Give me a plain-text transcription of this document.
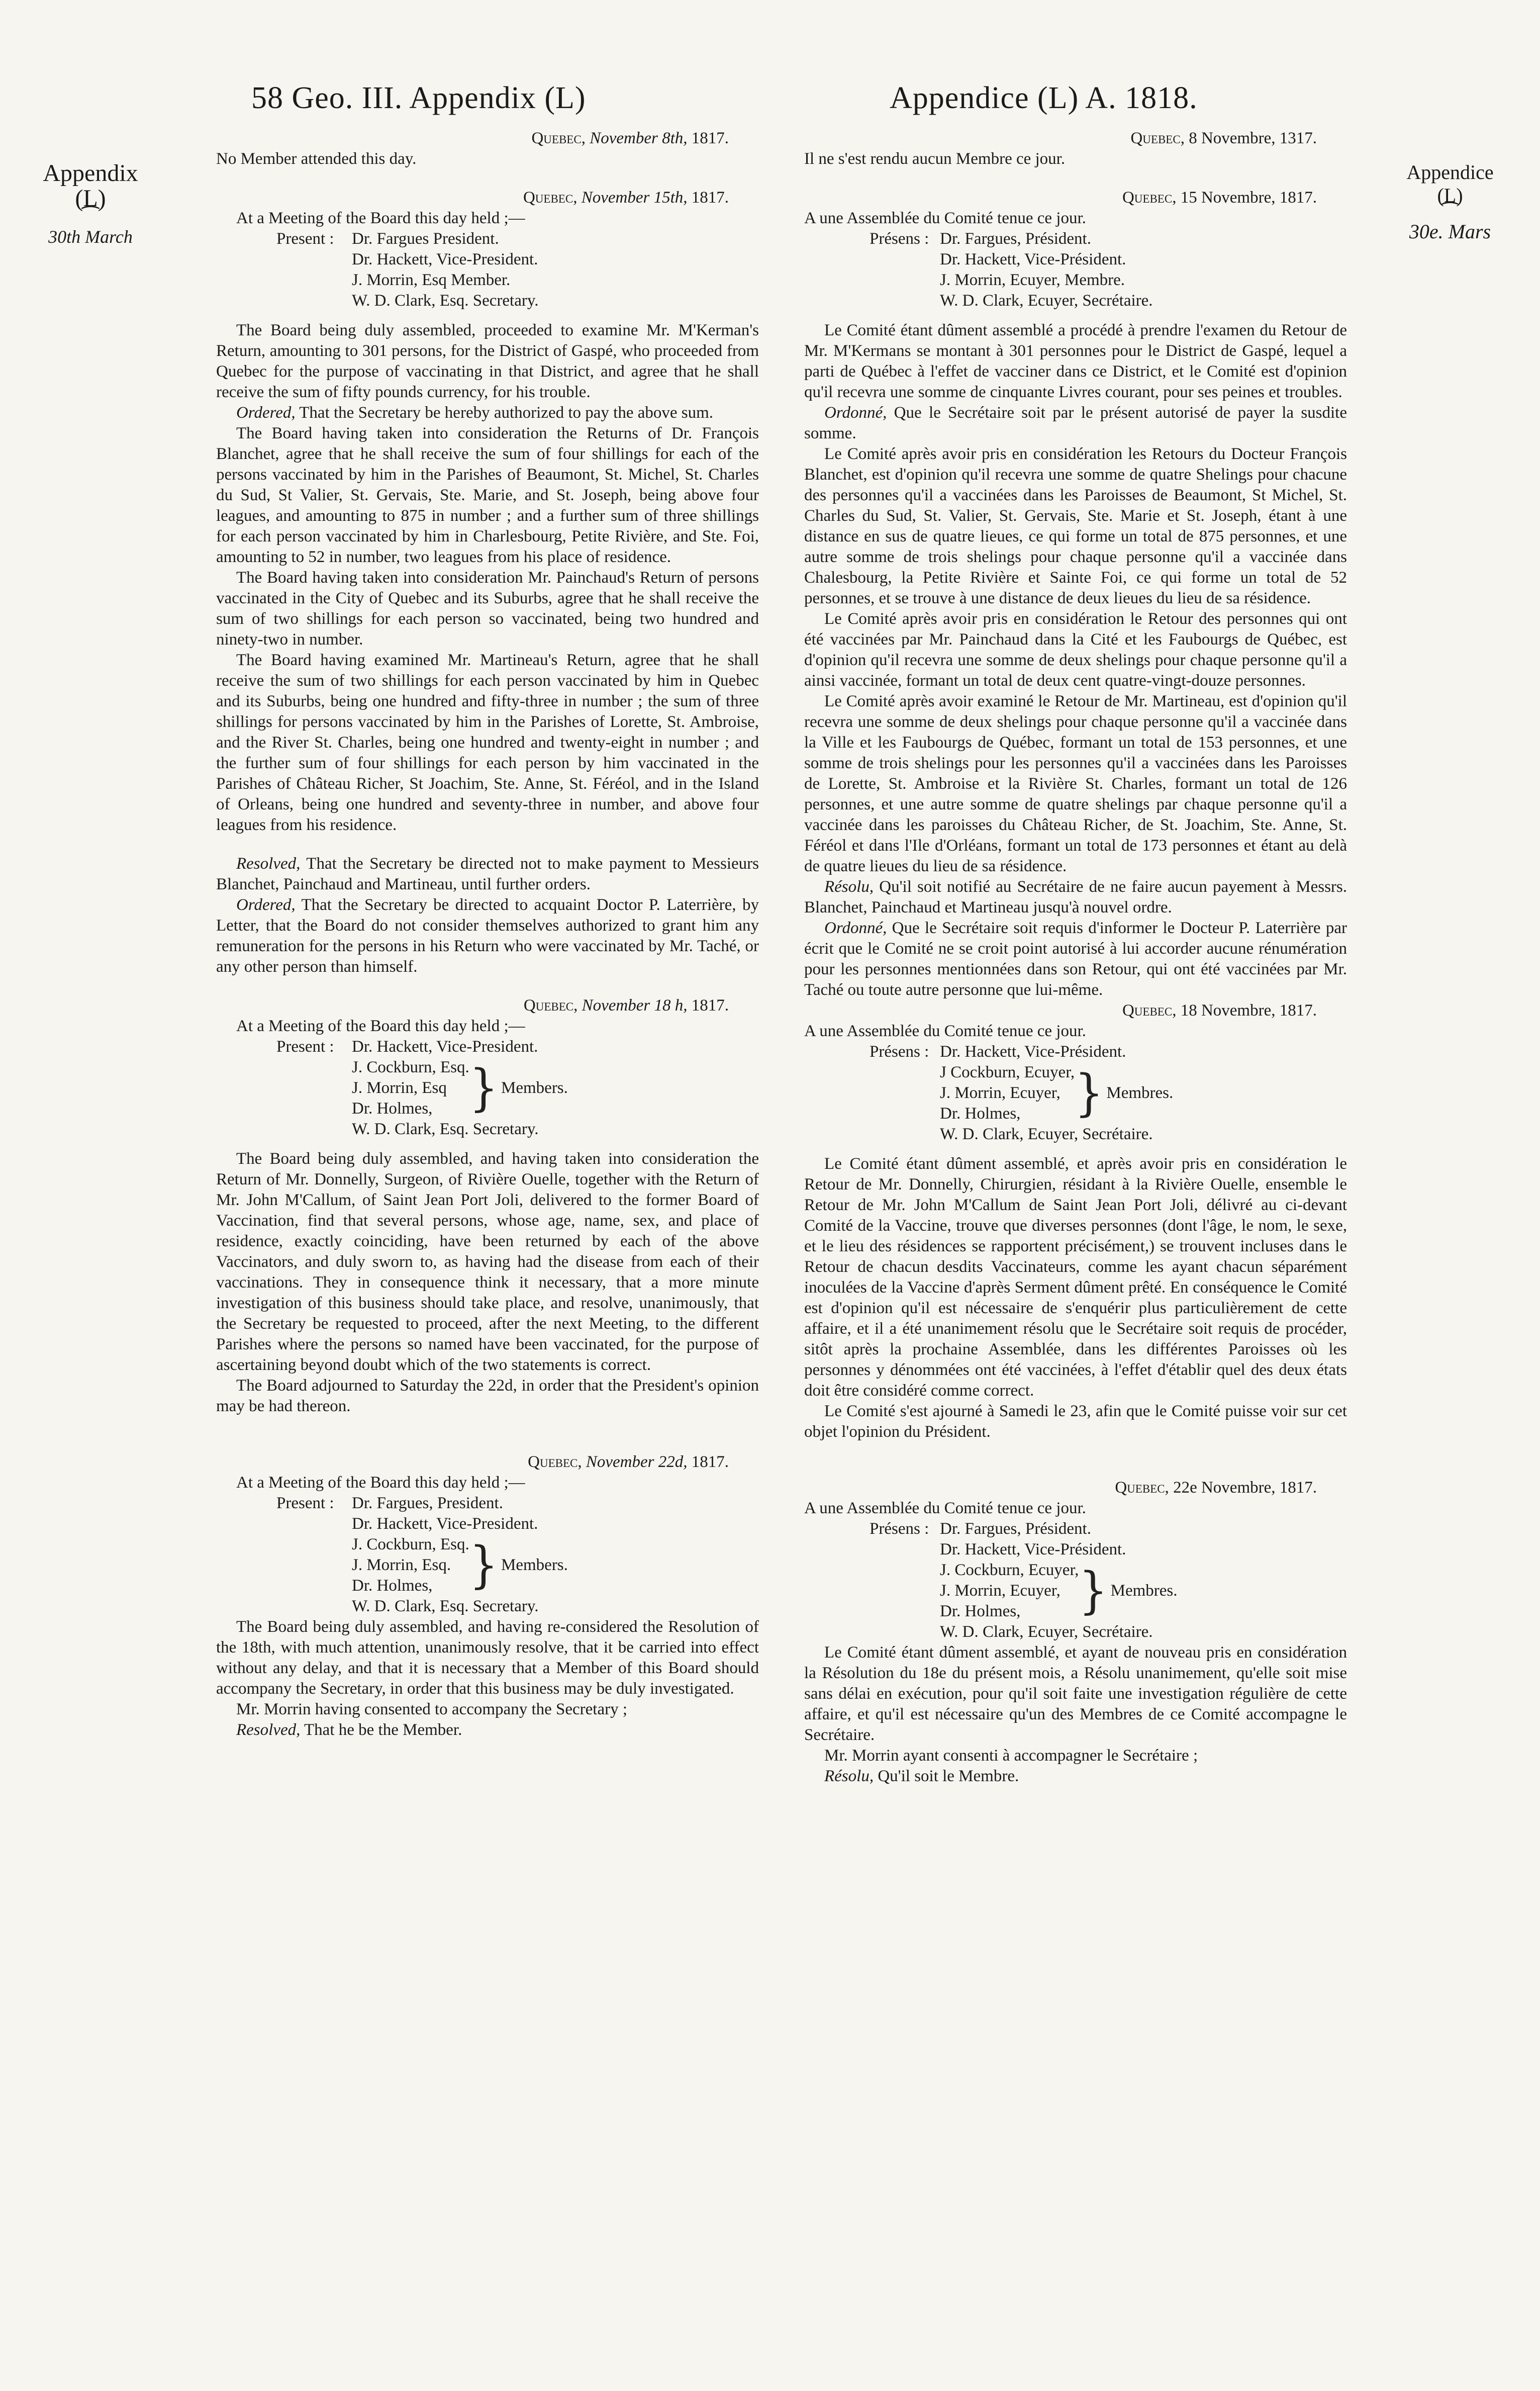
58 Geo. III. Appendix (L)	Appendice (L) A. 1818.
Appendix
(L)
⁀
30th March
Appendice
(L)
⁀
30e. Mars

Quebec, November 8th, 1817.

No Member attended this day.

Quebec, November 15th, 1817.

At a Meeting of the Board this day held ;—

Present : Dr. Fargues President.
Dr. Hackett, Vice-President.
J. Morrin, Esq Member.
W. D. Clark, Esq. Secretary.

The Board being duly assembled, proceeded to examine Mr. M'Kerman's Return, amounting to 301 persons, for the District of Gaspé, who proceeded from Quebec for the purpose of vaccinating in that District, and agree that he shall receive the sum of fifty pounds currency, for his trouble.

Ordered, That the Secretary be hereby authorized to pay the above sum.

The Board having taken into consideration the Returns of Dr. François Blanchet, agree that he shall receive the sum of four shillings for each of the persons vaccinated by him in the Parishes of Beaumont, St. Michel, St. Charles du Sud, St Valier, St. Gervais, Ste. Marie, and St. Joseph, being above four leagues, and amounting to 875 in number ; and a further sum of three shillings for each person vaccinated by him in Charlesbourg, Petite Rivière, and Ste. Foi, amounting to 52 in number, two leagues from his place of residence.

The Board having taken into consideration Mr. Painchaud's Return of persons vaccinated in the City of Quebec and its Suburbs, agree that he shall receive the sum of two shillings for each person so vaccinated, being two hundred and ninety-two in number.

The Board having examined Mr. Martineau's Return, agree that he shall receive the sum of two shillings for each person vaccinated by him in Quebec and its Suburbs, being one hundred and fifty-three in number ; the sum of three shillings for persons vaccinated by him in the Parishes of Lorette, St. Ambroise, and the River St. Charles, being one hundred and twenty-eight in number ; and the further sum of four shillings for each person by him vaccinated in the Parishes of Château Richer, St Joachim, Ste. Anne, St. Féréol, and in the Island of Orleans, being one hundred and seventy-three in number, and above four leagues from his residence.

Resolved, That the Secretary be directed not to make payment to Messieurs Blanchet, Painchaud and Martineau, until further orders.

Ordered, That the Secretary be directed to acquaint Doctor P. Laterrière, by Letter, that the Board do not consider themselves authorized to grant him any remuneration for the persons in his Return who were vaccinated by Mr. Taché, or any other person than himself.

Quebec, November 18 h, 1817.

At a Meeting of the Board this day held ;—

Present : Dr. Hackett, Vice-President.
J. Cockburn, Esq.
J. Morrin, Esq
Dr. Holmes, } Members.
W. D. Clark, Esq. Secretary.

The Board being duly assembled, and having taken into consideration the Return of Mr. Donnelly, Surgeon, of Rivière Ouelle, together with the Return of Mr. John M'Callum, of Saint Jean Port Joli, delivered to the former Board of Vaccination, find that several persons, whose age, name, sex, and place of residence, exactly coinciding, have been returned by each of the above Vaccinators, and duly sworn to, as having had the disease from each of their vaccinations. They in consequence think it necessary, that a more minute investigation of this business should take place, and resolve, unanimously, that the Secretary be requested to proceed, after the next Meeting, to the different Parishes where the persons so named have been vaccinated, for the purpose of ascertaining beyond doubt which of the two statements is correct.

The Board adjourned to Saturday the 22d, in order that the President's opinion may be had thereon.

Quebec, November 22d, 1817.

At a Meeting of the Board this day held ;—

Present : Dr. Fargues, President.
Dr. Hackett, Vice-President.
J. Cockburn, Esq.
J. Morrin, Esq.
Dr. Holmes, } Members.
W. D. Clark, Esq. Secretary.

The Board being duly assembled, and having re-considered the Resolution of the 18th, with much attention, unanimously resolve, that it be carried into effect without any delay, and that it is necessary that a Member of this Board should accompany the Secretary, in order that this business may be duly investigated.

Mr. Morrin having consented to accompany the Secretary ;

Resolved, That he be the Member.

Quebec, 8 Novembre, 1317.

Il ne s'est rendu aucun Membre ce jour.

Quebec, 15 Novembre, 1817.

A une Assemblée du Comité tenue ce jour.

Présens : Dr. Fargues, Président.
Dr. Hackett, Vice-Président.
J. Morrin, Ecuyer, Membre.
W. D. Clark, Ecuyer, Secrétaire.

Le Comité étant dûment assemblé a procédé à prendre l'examen du Retour de Mr. M'Kermans se montant à 301 personnes pour le District de Gaspé, lequel a parti de Québec à l'effet de vacciner dans ce District, et le Comité est d'opinion qu'il recevra une somme de cinquante Livres courant, pour ses peines et troubles.

Ordonné, Que le Secrétaire soit par le présent autorisé de payer la susdite somme.

Le Comité après avoir pris en considération les Retours du Docteur François Blanchet, est d'opinion qu'il recevra une somme de quatre Shelings pour chacune des personnes qu'il a vaccinées dans les Paroisses de Beaumont, St Michel, St. Charles du Sud, St. Valier, St. Gervais, Ste. Marie et St. Joseph, étant à une distance en sus de quatre lieues, ce qui forme un total de 875 personnes, et une autre somme de trois shelings pour chaque personne qu'il a vaccinée dans Chalesbourg, la Petite Rivière et Sainte Foi, ce qui forme un total de 52 personnes, et se trouve à une distance de deux lieues du lieu de sa résidence.

Le Comité après avoir pris en considération le Retour des personnes qui ont été vaccinées par Mr. Painchaud dans la Cité et les Faubourgs de Québec, est d'opinion qu'il recevra une somme de deux shelings pour chaque personne qu'il a ainsi vaccinée, formant un total de deux cent quatre-vingt-douze personnes.

Le Comité après avoir examiné le Retour de Mr. Martineau, est d'opinion qu'il recevra une somme de deux shelings pour chaque personne qu'il a vaccinée dans la Ville et les Faubourgs de Québec, formant un total de 153 personnes, et une somme de trois shelings pour les personnes qu'il a vaccinées dans les Paroisses de Lorette, St. Ambroise et la Rivière St. Charles, formant un total de 126 personnes, et une autre somme de quatre shelings par chaque personne qu'il a vaccinée dans les paroisses du Château Richer, de St. Joachim, Ste. Anne, St. Féréol et dans l'Ile d'Orléans, formant un total de 173 personnes et étant au delà de quatre lieues du lieu de sa résidence.

Résolu, Qu'il soit notifié au Secrétaire de ne faire aucun payement à Messrs. Blanchet, Painchaud et Martineau jusqu'à nouvel ordre.

Ordonné, Que le Secrétaire soit requis d'informer le Docteur P. Laterrière par écrit que le Comité ne se croit point autorisé à lui accorder aucune rénumération pour les personnes mentionnées dans son Retour, qui ont été vaccinées par Mr. Taché ou toute autre personne que lui-même.

Quebec, 18 Novembre, 1817.

A une Assemblée du Comité tenue ce jour.

Présens : Dr. Hackett, Vice-Président.
J Cockburn, Ecuyer,
J. Morrin, Ecuyer,
Dr. Holmes,	} Membres.
W. D. Clark, Ecuyer, Secrétaire.

Le Comité étant dûment assemblé, et après avoir pris en considération le Retour de Mr. Donnelly, Chirurgien, résidant à la Rivière Ouelle, ensemble le Retour de Mr. John M'Callum de Saint Jean Port Joli, délivré au ci-devant Comité de la Vaccine, trouve que diverses personnes (dont l'âge, le nom, le sexe, et le lieu des résidences se rapportent précisément,) se trouvent incluses dans le Retour de chacun desdits Vaccinateurs, comme les ayant chacun séparément inoculées de la Vaccine d'après Serment dûment prêté. En conséquence le Comité est d'opinion qu'il est nécessaire de s'enquérir plus particulièrement de cette affaire, et il a été unanimement résolu que le Secrétaire soit requis de procéder, sitôt après la prochaine Assemblée, dans les différentes Paroisses où les personnes y dénommées ont été vaccinées, à l'effet d'établir quel des deux états doit être considéré comme correct.

Le Comité s'est ajourné à Samedi le 23, afin que le Comité puisse voir sur cet objet l'opinion du Président.

Quebec, 22e Novembre, 1817.

A une Assemblée du Comité tenue ce jour.

Présens : Dr. Fargues, Président.
Dr. Hackett, Vice-Président.
J. Cockburn, Ecuyer,
J. Morrin, Ecuyer,
Dr. Holmes,	} Membres.
W. D. Clark, Ecuyer, Secrétaire.

Le Comité étant dûment assemblé, et ayant de nouveau pris en considération la Résolution du 18e du présent mois, a Résolu unanimement, qu'elle soit mise sans délai en exécution, pour qu'il soit faite une investigation régulière de cette affaire, et qu'il est nécessaire qu'un des Membres de ce Comité accompagne le Secrétaire.

Mr. Morrin ayant consenti à accompagner le Secrétaire ;

Résolu, Qu'il soit le Membre.
